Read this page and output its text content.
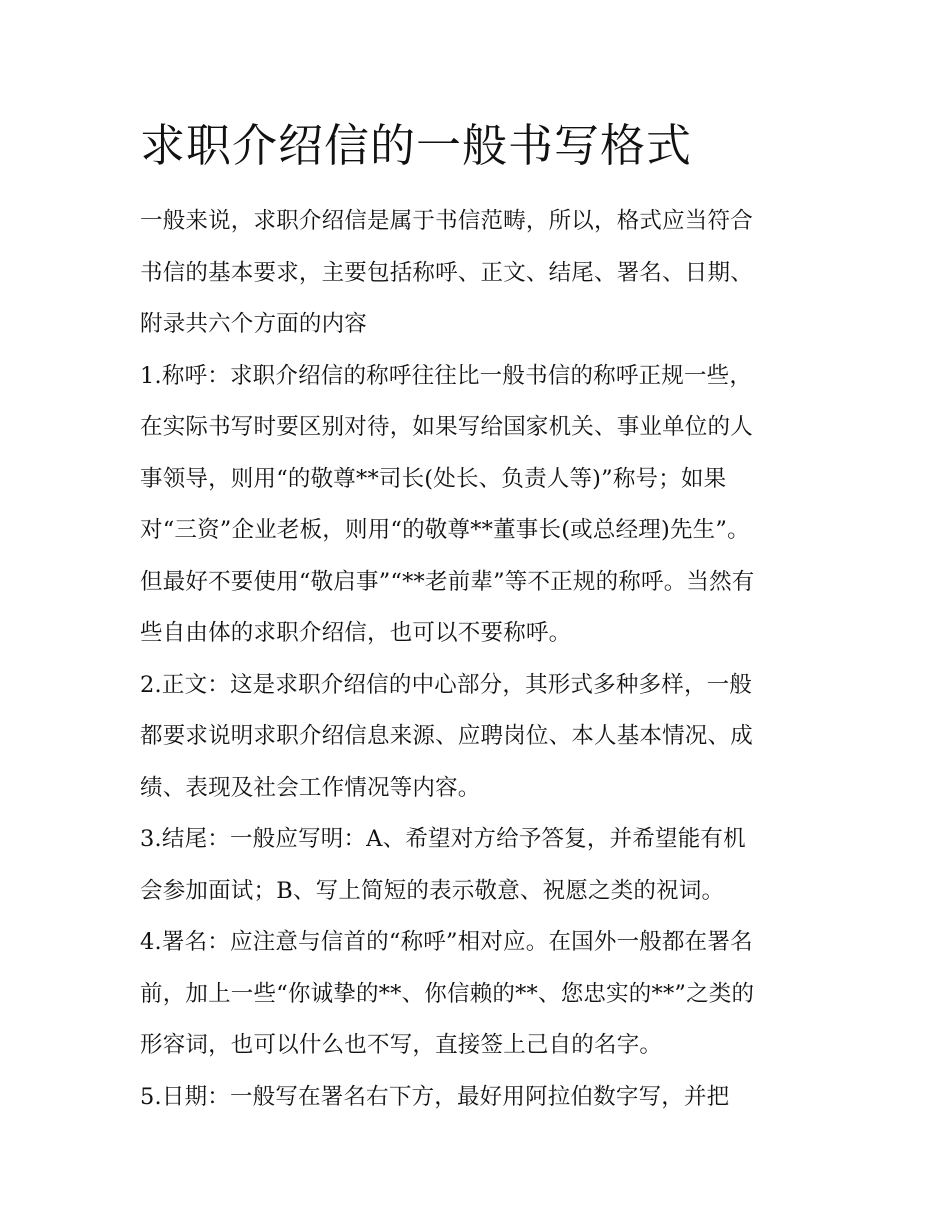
求职介绍信的一般书写格式

一般来说，求职介绍信是属于书信范畴，所以，格式应当符合
书信的基本要求，主要包括称呼、正文、结尾、署名、日期、
附录共六个方面的内容

1.称呼：求职介绍信的称呼往往比一般书信的称呼正规一些，
在实际书写时要区别对待，如果写给国家机关、事业单位的人
事领导，则用“的敬尊**司长(处长、负责人等)”称号；如果
对“三资”企业老板，则用“的敬尊**董事长(或总经理)先生”。
但最好不要使用“敬启事”“**老前辈”等不正规的称呼。当然有
些自由体的求职介绍信，也可以不要称呼。

2.正文：这是求职介绍信的中心部分，其形式多种多样，一般
都要求说明求职介绍信息来源、应聘岗位、本人基本情况、成
绩、表现及社会工作情况等内容。

3.结尾：一般应写明：A、希望对方给予答复，并希望能有机
会参加面试；B、写上简短的表示敬意、祝愿之类的祝词。

4.署名：应注意与信首的“称呼”相对应。在国外一般都在署名
前，加上一些“你诚挚的**、你信赖的**、您忠实的**”之类的
形容词，也可以什么也不写，直接签上己自的名字。

5.日期：一般写在署名右下方，最好用阿拉伯数字写，并把
